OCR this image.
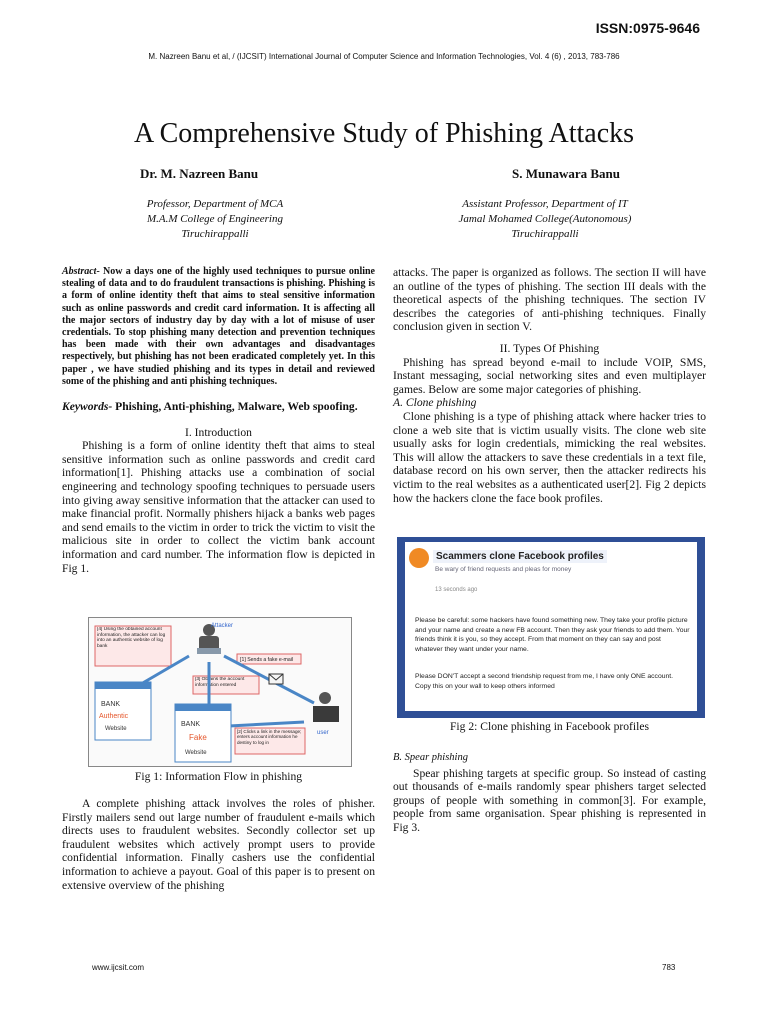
ISSN:0975-9646
M. Nazreen Banu et al, / (IJCSIT) International Journal of Computer Science and Information Technologies, Vol. 4 (6) , 2013, 783-786
A Comprehensive Study of Phishing Attacks
Dr. M. Nazreen Banu	S. Munawara Banu
Professor, Department of MCA
M.A.M College of Engineering
Tiruchirappalli
Assistant Professor, Department of IT
Jamal Mohamed College(Autonomous)
Tiruchirappalli

Abstract- Now a days one of the highly used techniques to pursue online stealing of data and to do fraudulent transactions is phishing. Phishing is a form of online identity theft that aims to steal sensitive information such as online passwords and credit card information. It is affecting all the major sectors of industry day by day with a lot of misuse of user credentials. To stop phishing many detection and prevention techniques has been made with their own advantages and disadvantages respectively, but phishing has not been eradicated completely yet. In this paper , we have studied phishing and its types in detail and reviewed some of the phishing and anti phishing techniques.

Keywords- Phishing, Anti-phishing, Malware, Web spoofing.

I. Introduction

Phishing is a form of online identity theft that aims to steal sensitive information such as online passwords and credit card information[1]. Phishing attacks use a combination of social engineering and technology spoofing techniques to persuade users into giving away sensitive information that the attacker can used to make financial profit. Normally phishers hijack a banks web pages and send emails to the victim in order to trick the victim to visit the malicious site in order to collect the victim bank account information and card number. The information flow is depicted in Fig 1.

Attacker
[4] Using the obtained account information, the attacker can log into an authentic website of log bank
[1] Sends a fake e-mail
[3] Obtains the account information entered
[2] Clicks a link in the message; enters account information he destiny to log in
BANK
Authentic
Website
BANK
Fake
Website
user
Fig 1: Information Flow in phishing

A complete phishing attack involves the roles of phisher. Firstly mailers send out large number of fraudulent e-mails which directs uses to fraudulent websites. Secondly collector set up fraudulent websites which actively prompt users to provide confidential information. Finally cashers use the confidential information to achieve a payout. Goal of this paper is to present on extensive overview of the phishing

attacks. The paper is organized as follows. The section II will have an outline of the types of phishing. The section III deals with the theoretical aspects of the phishing techniques. The section IV describes the categories of anti-phishing techniques. Finally conclusion given in section V.

II. Types Of Phishing

Phishing has spread beyond e-mail to include VOIP, SMS, Instant messaging, social networking sites and even multiplayer games. Below are some major categories of phishing.

A. Clone phishing

Clone phishing is a type of phishing attack where hacker tries to clone a web site that is victim usually visits. The clone web site usually asks for login credentials, mimicking the real websites. This will allow the attackers to save these credentials in a text file, database record on his own server, then the attacker redirects his victim to the real websites as a authenticated user[2]. Fig 2 depicts how the hackers clone the face book profiles.

Scammers clone Facebook profiles
Be wary of friend requests and pleas for money
13 seconds ago
Please be careful: some hackers have found something new. They take your profile picture and your name and create a new FB account. Then they ask your friends to add them. Your friends think it is you, so they accept. From that moment on they can say and post whatever they want under your name.
Please DON'T accept a second friendship request from me, I have only ONE account. Copy this on your wall to keep others informed
Fig 2: Clone phishing in Facebook profiles

B. Spear phishing

Spear phishing targets at specific group. So instead of casting out thousands of e-mails randomly spear phishers target selected groups of people with something in common[3]. For example, people from same organisation. Spear phishing is represented in Fig 3.

www.ijcsit.com	783
